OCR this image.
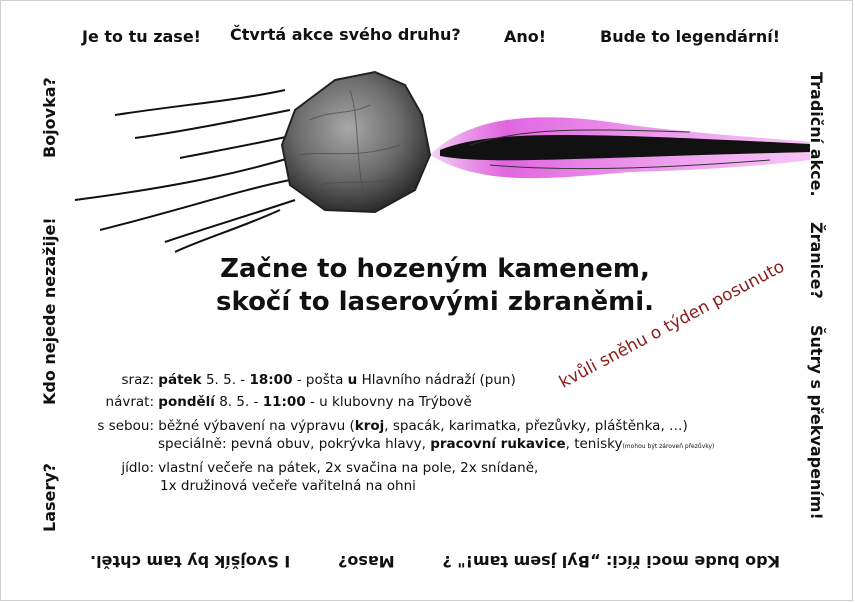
Je to tu zase! Čtvrtá akce svého druhu?	Ano!	Bude to legendární!
Bojovka?
Kdo nejede nezažije!
Lasery?
Tradiční akce.
Žranice?
Šutry s překvapením!
Kdo bude moci říci: „Byl jsem tam!" ?
Maso?
I Svojšík by tam chtěl.
Začne to hozeným kamenem,
skočí to laserovými zbraněmi.
kvůli sněhu o týden posunuto
sraz: pátek 5. 5. - 18:00 - pošta u Hlavního nádraží (pun)
návrat: pondělí 8. 5. - 11:00 - u klubovny na Trýbově
s sebou: běžné výbavení na výpravu (kroj, spacák, karimatka, přezůvky, pláštěnka, …)
speciálně: pevná obuv, pokrývka hlavy, pracovní rukavice, tenisky(mohou být zároveň přezůvky)
jídlo: vlastní večeře na pátek, 2x svačina na pole, 2x snídaně,
1x družinová večeře vařitelná na ohni
